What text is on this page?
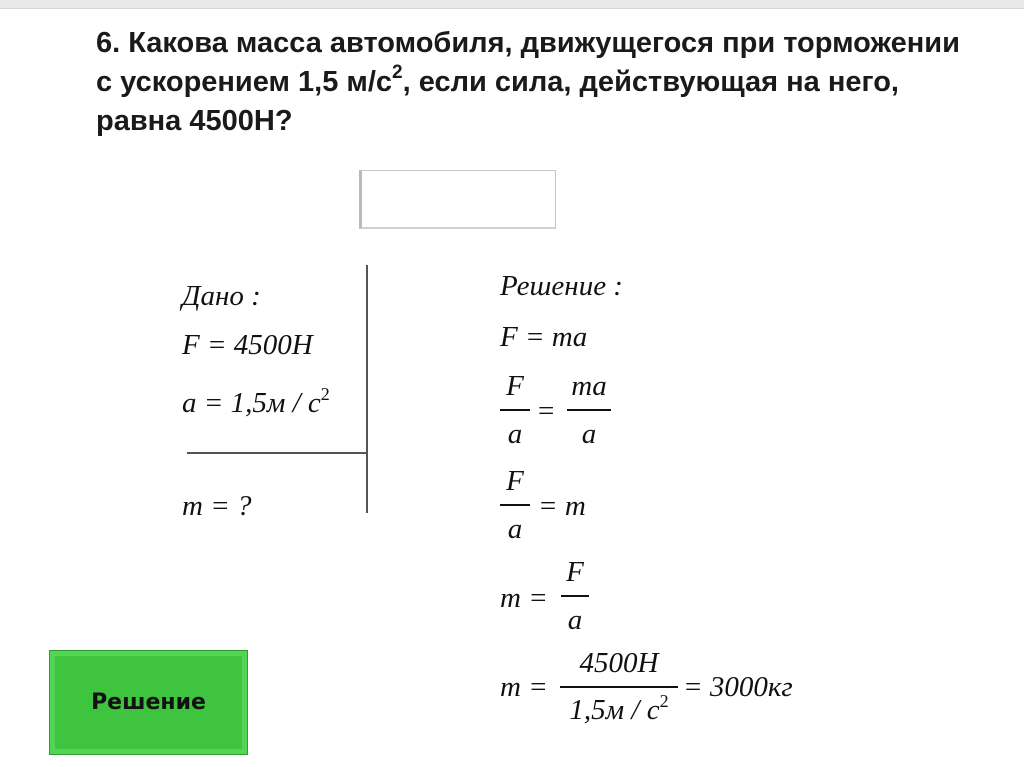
6. Какова масса автомобиля, движущегося при торможении с ускорением 1,5 $м/с^2$, если сила, действующая на него, равна 4500Н?
Дано :
F = 4500H
$a = 1,5м / с^2$
m = ?
Решение :
F = ma
F
a
=
ma
a
F
a
= m
m =
F
a
m =
4500H
$1,5м / с^2 = 3000кг$
Решение
